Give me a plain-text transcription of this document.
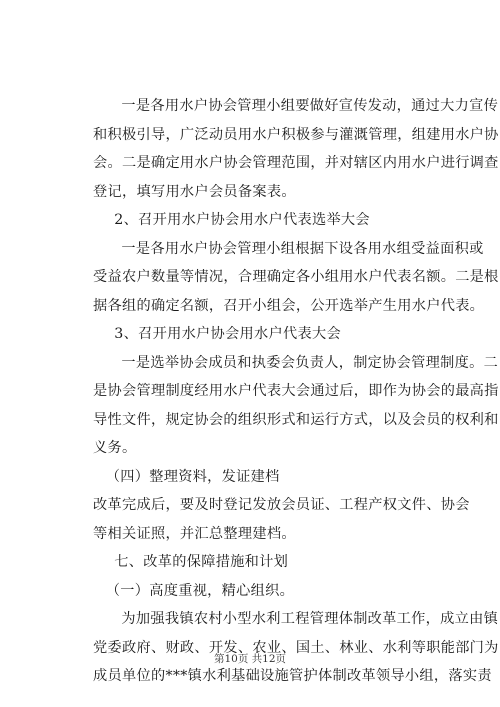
一是各用水户协会管理小组要做好宣传发动，通过大力宣传
和积极引导，广泛动员用水户积极参与灌溉管理，组建用水户协
会。二是确定用水户协会管理范围，并对辖区内用水户进行调查
登记，填写用水户会员备案表。

2、召开用水户协会用水户代表选举大会

一是各用水户协会管理小组根据下设各用水组受益面积或
受益农户数量等情况，合理确定各小组用水户代表名额。二是根
据各组的确定名额，召开小组会，公开选举产生用水户代表。

3、召开用水户协会用水户代表大会

一是选举协会成员和执委会负责人，制定协会管理制度。二
是协会管理制度经用水户代表大会通过后，即作为协会的最高指
导性文件，规定协会的组织形式和运行方式，以及会员的权利和
义务。

（四）整理资料，发证建档

改革完成后，要及时登记发放会员证、工程产权文件、协会
等相关证照，并汇总整理建档。

七、改革的保障措施和计划

（一）高度重视，精心组织。

为加强我镇农村小型水利工程管理体制改革工作，成立由镇
党委政府、财政、开发、农业、国土、林业、水利等职能部门为
成员单位的***镇水利基础设施管护体制改革领导小组，落实责

第10页 共12页
